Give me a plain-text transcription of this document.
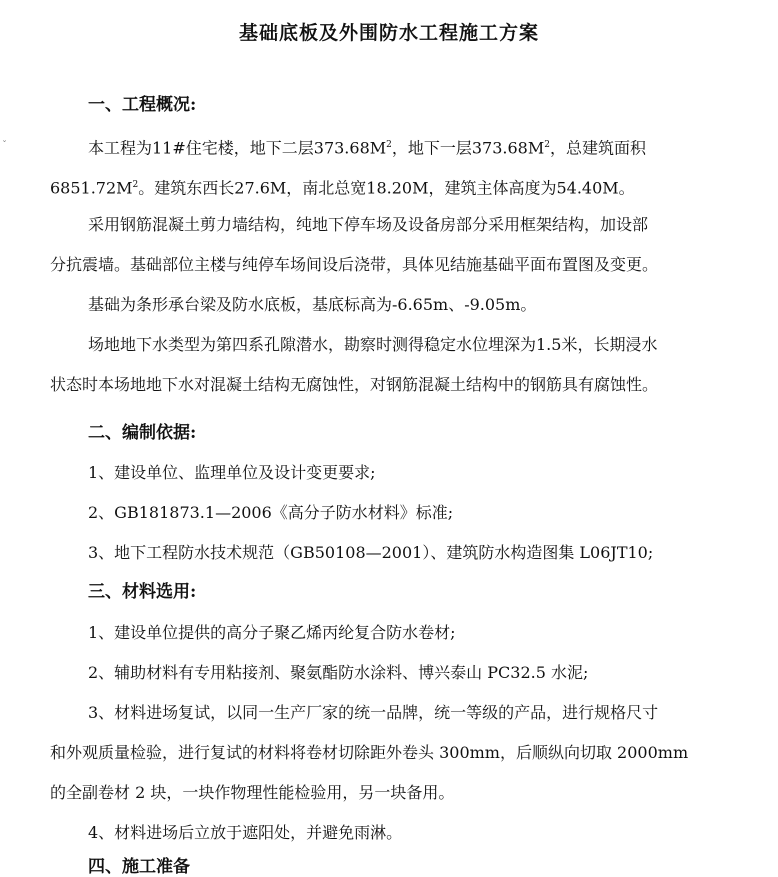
ˇ
基础底板及外围防水工程施工方案
一、工程概况:
本工程为11#住宅楼，地下二层$373.68M^2$，地下一层$373.68M^2$，总建筑面积
$6851.72M^2$。建筑东西长27.6M，南北总宽18.20M，建筑主体高度为54.40M。
采用钢筋混凝土剪力墙结构，纯地下停车场及设备房部分采用框架结构，加设部
分抗震墙。基础部位主楼与纯停车场间设后浇带，具体见结施基础平面布置图及变更。
基础为条形承台梁及防水底板，基底标高为-6.65m、-9.05m。
场地地下水类型为第四系孔隙潜水，勘察时测得稳定水位埋深为1.5米，长期浸水
状态时本场地地下水对混凝土结构无腐蚀性，对钢筋混凝土结构中的钢筋具有腐蚀性。
二、编制依据:
1、建设单位、监理单位及设计变更要求;
2、GB181873.1—2006《高分子防水材料》标准;
3、地下工程防水技术规范（GB50108—2001）、建筑防水构造图集 L06JT10;
三、材料选用:
1、建设单位提供的高分子聚乙烯丙纶复合防水卷材;
2、辅助材料有专用粘接剂、聚氨酯防水涂料、博兴泰山 PC32.5 水泥;
3、材料进场复试，以同一生产厂家的统一品牌，统一等级的产品，进行规格尺寸
和外观质量检验，进行复试的材料将卷材切除距外卷头 300mm，后顺纵向切取 2000mm
的全副卷材 2 块，一块作物理性能检验用，另一块备用。
4、材料进场后立放于遮阳处，并避免雨淋。
四、施工准备
